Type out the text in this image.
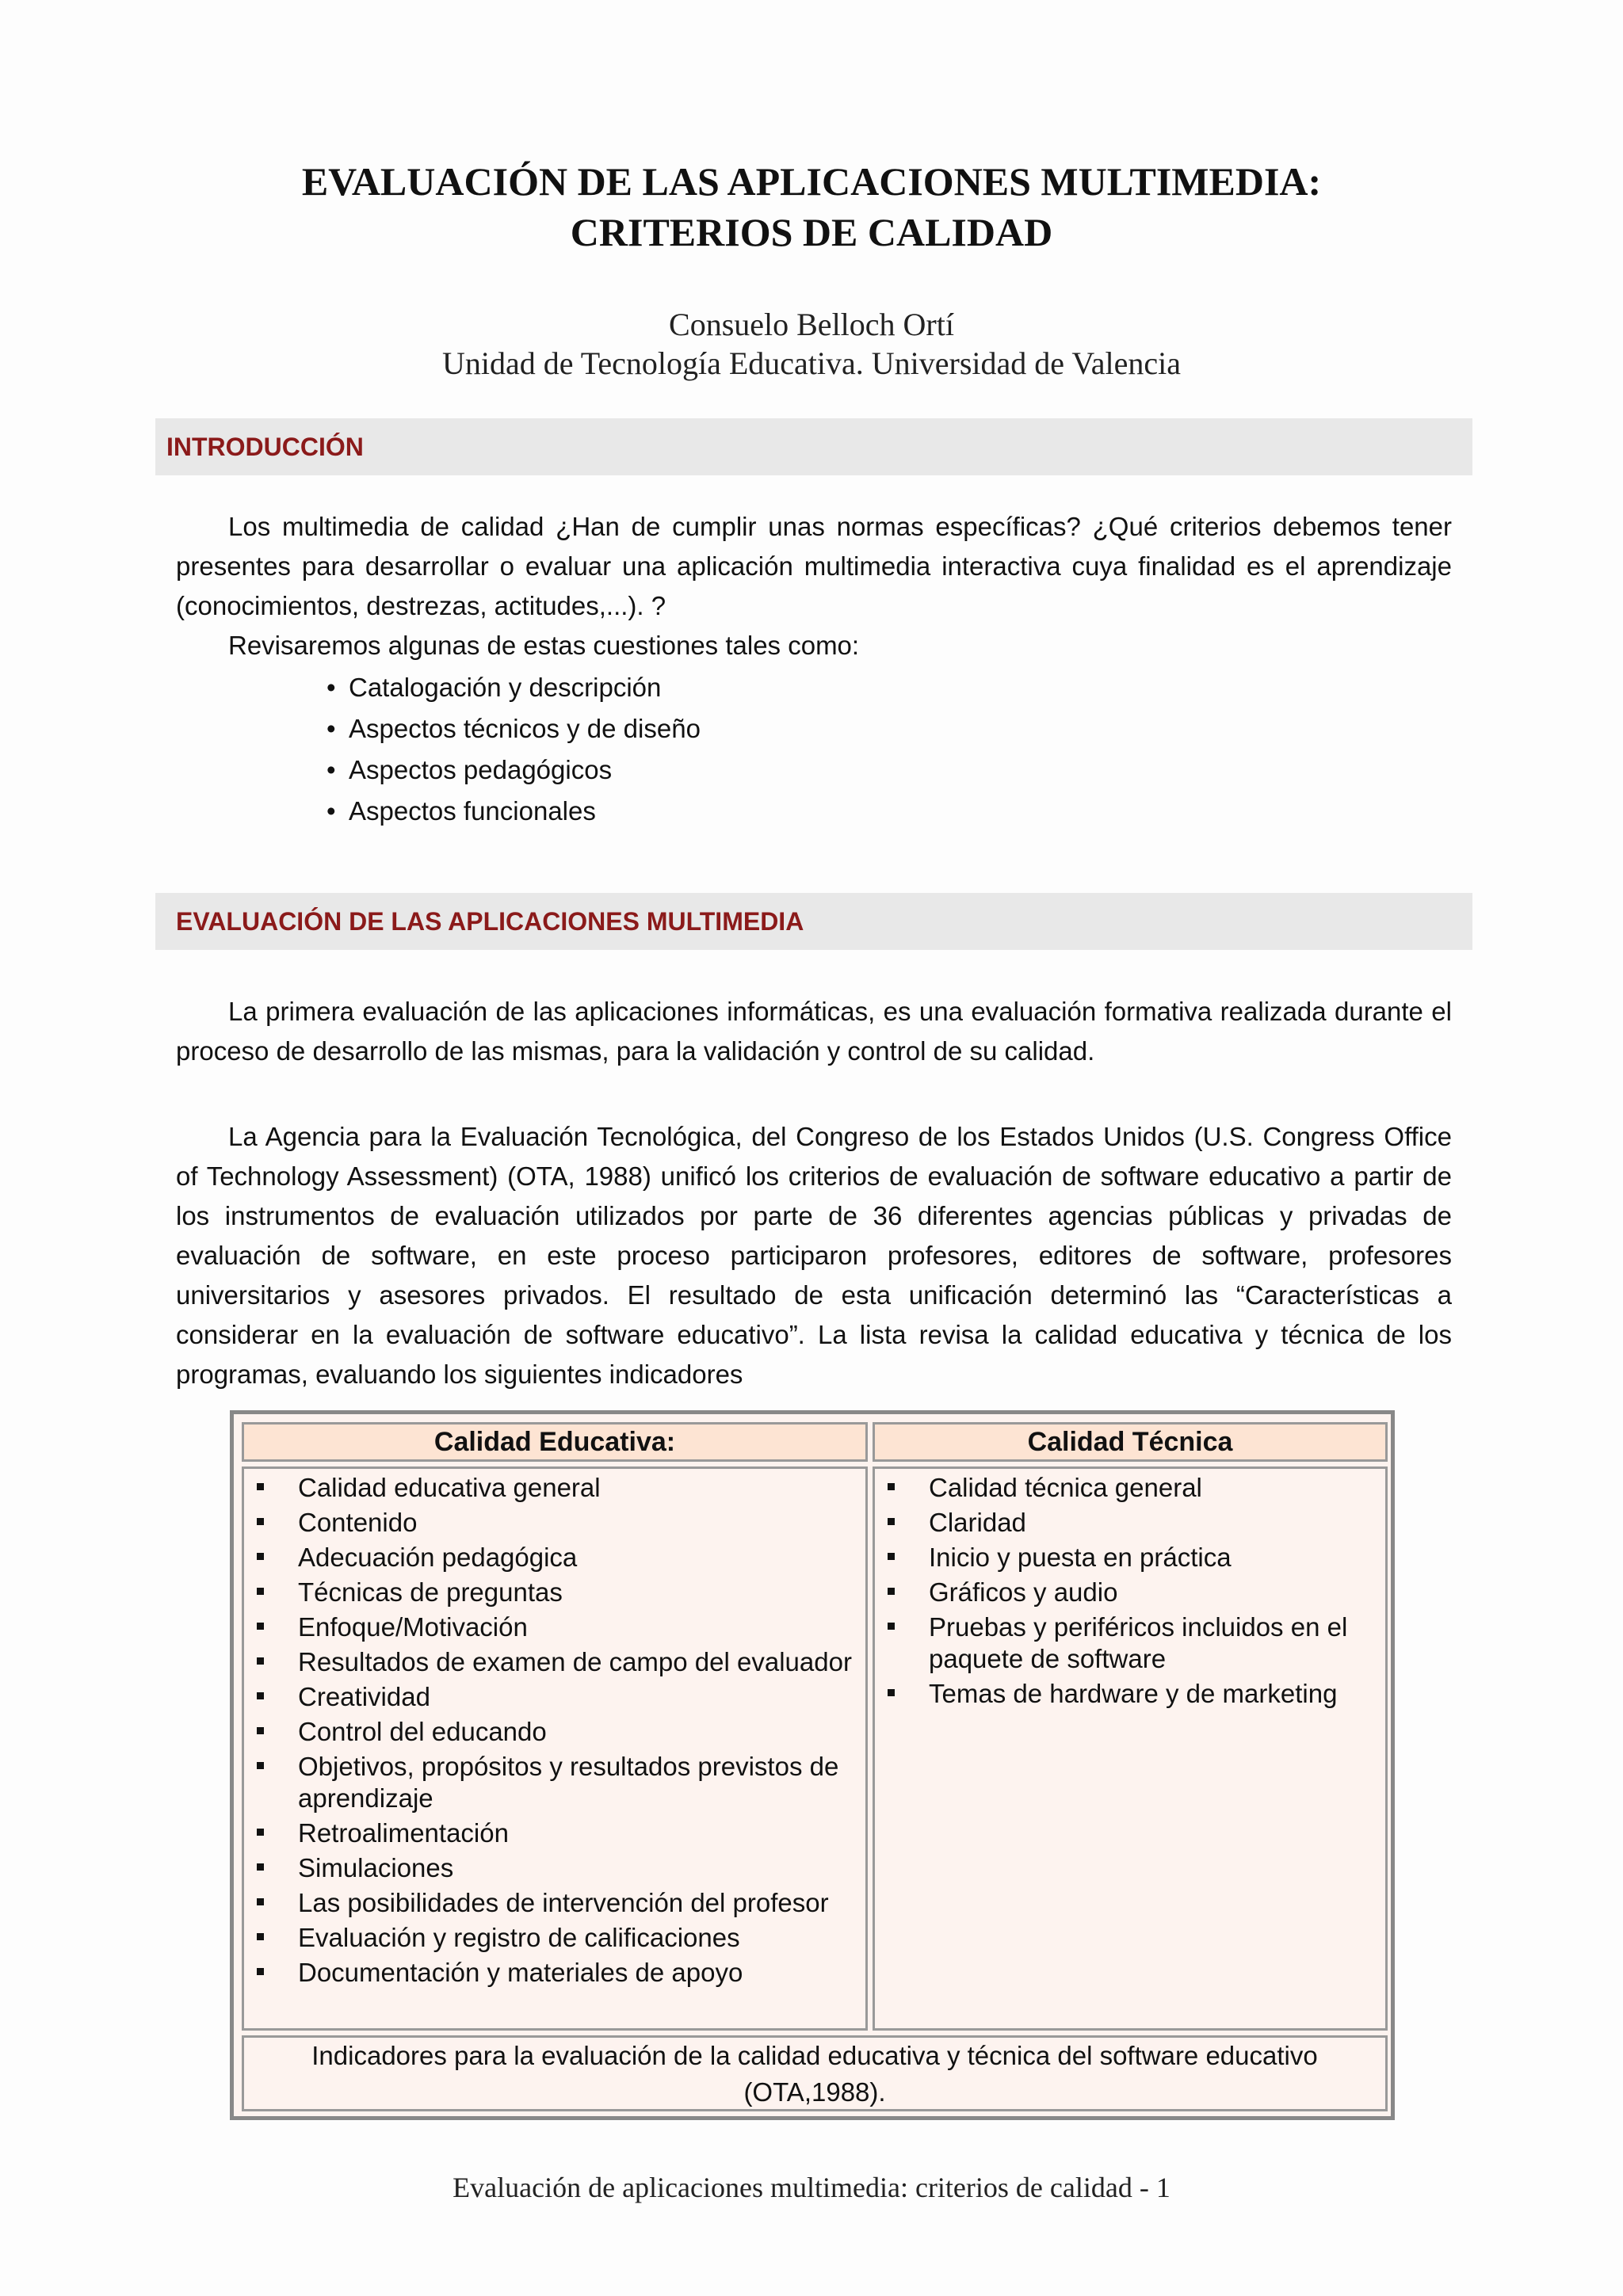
EVALUACIÓN DE LAS APLICACIONES MULTIMEDIA:
CRITERIOS DE CALIDAD
Consuelo Belloch Ortí
Unidad de Tecnología Educativa. Universidad de Valencia
INTRODUCCIÓN

Los multimedia de calidad ¿Han de cumplir unas normas específicas? ¿Qué criterios debemos tener presentes para desarrollar o evaluar una aplicación multimedia interactiva cuya finalidad es el aprendizaje (conocimientos, destrezas, actitudes,...). ?

Revisaremos algunas de estas cuestiones tales como:

• Catalogación y descripción
• Aspectos técnicos y de diseño
• Aspectos pedagógicos
• Aspectos funcionales
EVALUACIÓN DE LAS APLICACIONES MULTIMEDIA

La primera evaluación de las aplicaciones informáticas, es una evaluación formativa realizada durante el proceso de desarrollo de las mismas, para la validación y control de su calidad.

La Agencia para la Evaluación Tecnológica, del Congreso de los Estados Unidos (U.S. Congress Office of Technology Assessment) (OTA, 1988) unificó los criterios de evaluación de software educativo a partir de los instrumentos de evaluación utilizados por parte de 36 diferentes agencias públicas y privadas de evaluación de software, en este proceso participaron profesores, editores de software, profesores universitarios y asesores privados. El resultado de esta unificación determinó las “Características a considerar en la evaluación de software educativo”. La lista revisa la calidad educativa y técnica de los programas, evaluando los siguientes indicadores

Calidad Educativa:	Calidad Técnica
Calidad educativa general
Contenido
Adecuación pedagógica
Técnicas de preguntas
Enfoque/Motivación
Resultados de examen de campo del evaluador
Creatividad
Control del educando
Objetivos, propósitos y resultados previstos de aprendizaje
Retroalimentación
Simulaciones
Las posibilidades de intervención del profesor
Evaluación y registro de calificaciones
Documentación y materiales de apoyo
Calidad técnica general
Claridad
Inicio y puesta en práctica
Gráficos y audio
Pruebas y periféricos incluidos en el paquete de software
Temas de hardware y de marketing
Indicadores para la evaluación de la calidad educativa y técnica del software educativo (OTA,1988).
Evaluación de aplicaciones multimedia: criterios de calidad - 1
